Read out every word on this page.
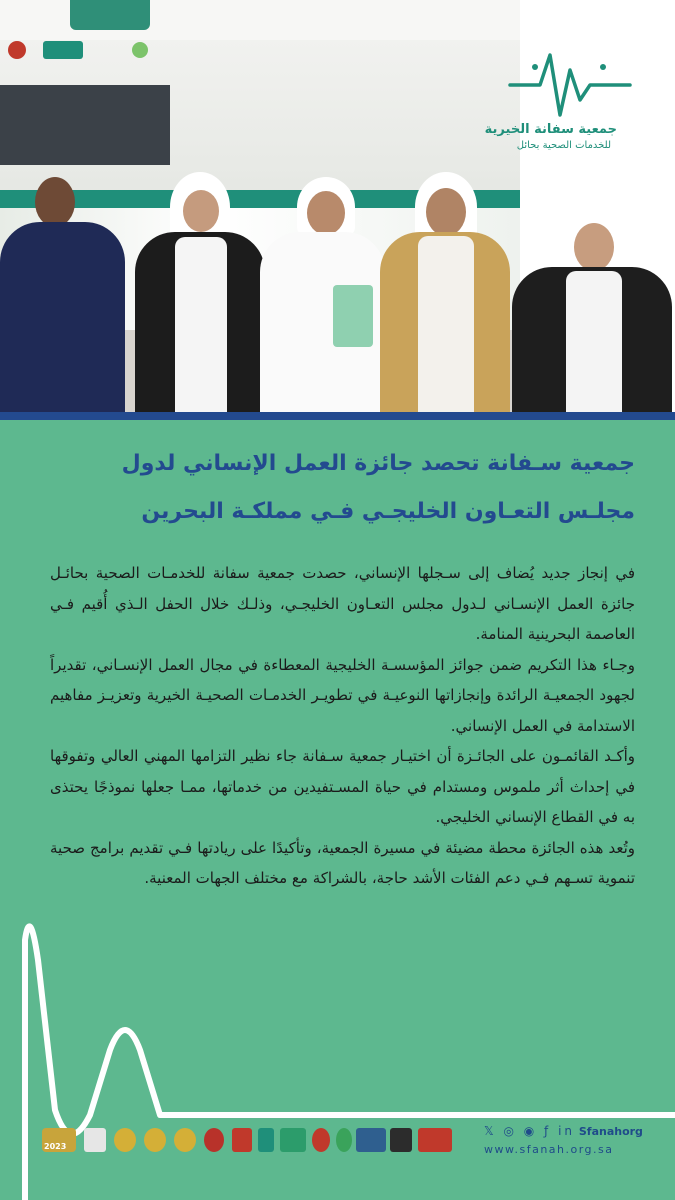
جمعية سفانة الخيرية
للخدمات الصحية بحائل
جمعية سـفانة تحصد جائزة العمل الإنساني لدول
مجلـس التعـاون الخليجـي فـي مملكـة البحرين

في إنجاز جديد يُضاف إلى سـجلها الإنساني، حصدت جمعية سفانة للخدمـات الصحية بحائـل جائزة العمل الإنسـاني لـدول مجلس التعـاون الخليجـي، وذلـك خلال الحفل الـذي أُقيم فـي العاصمة البحرينية المنامة.

وجـاء هذا التكريم ضمن جوائز المؤسسـة الخليجية المعطاءة في مجال العمل الإنسـاني، تقديراً لجهود الجمعيـة الرائدة وإنجازاتها النوعيـة في تطويـر الخدمـات الصحيـة الخيرية وتعزيـز مفاهيم الاستدامة في العمل الإنساني.

وأكـد القائمـون على الجائـزة أن اختيـار جمعية سـفانة جاء نظير التزامها المهني العالي وتفوقها في إحداث أثر ملموس ومستدام في حياة المسـتفيدين من خدماتها، ممـا جعلها نموذجًا يحتذى به في القطاع الإنساني الخليجي.

وتُعد هذه الجائزة محطة مضيئة في مسيرة الجمعية، وتأكيدًا على ريادتها فـي تقديم برامج صحية تنموية تسـهم فـي دعم الفئات الأشد حاجة، بالشراكة مع مختلف الجهات المعنية.

2023
𝕏 ◎ ◉ ƒ in Sfanahorg
www.sfanah.org.sa
